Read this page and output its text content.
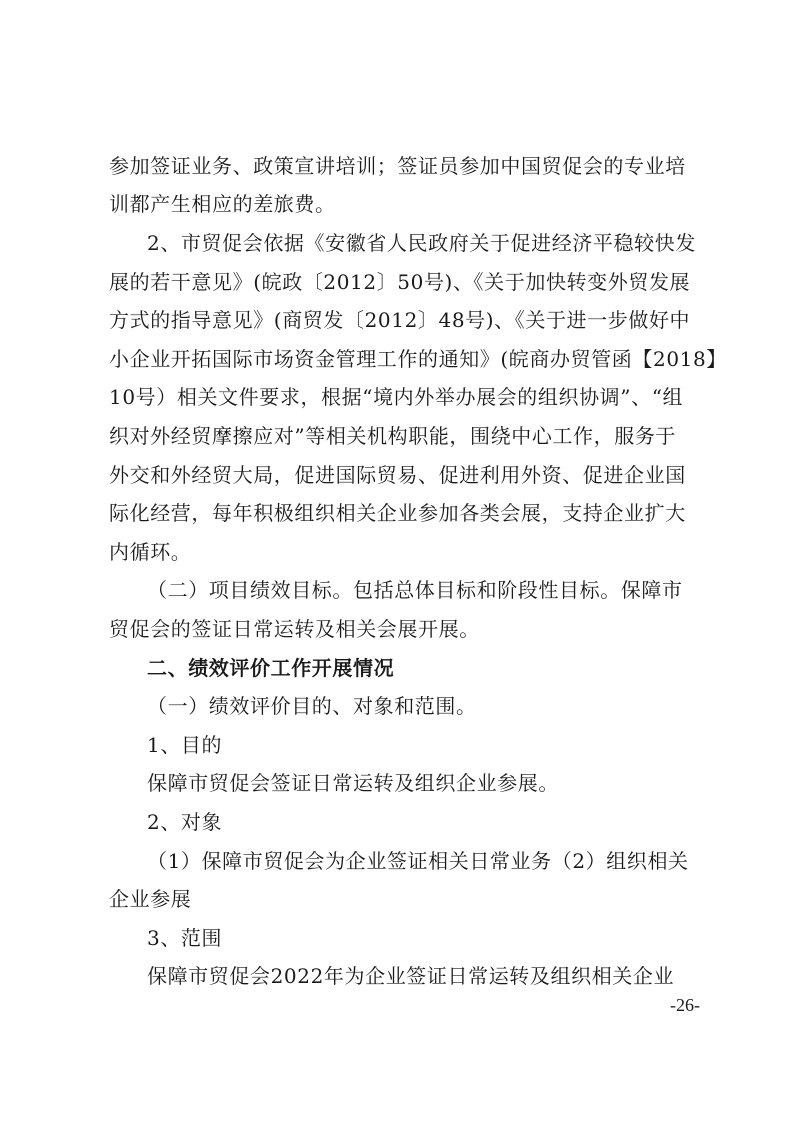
参加签证业务、政策宣讲培训；签证员参加中国贸促会的专业培
训都产生相应的差旅费。
2、市贸促会依据《安徽省人民政府关于促进经济平稳较快发
展的若干意见》(皖政〔2012〕50号)、《关于加快转变外贸发展
方式的指导意见》(商贸发〔2012〕48号)、《关于进一步做好中
小企业开拓国际市场资金管理工作的通知》(皖商办贸管函【2018】
10号）相关文件要求，根据“境内外举办展会的组织协调”、“组
织对外经贸摩擦应对”等相关机构职能，围绕中心工作，服务于
外交和外经贸大局，促进国际贸易、促进利用外资、促进企业国
际化经营，每年积极组织相关企业参加各类会展，支持企业扩大
内循环。
（二）项目绩效目标。包括总体目标和阶段性目标。保障市
贸促会的签证日常运转及相关会展开展。
二、绩效评价工作开展情况
（一）绩效评价目的、对象和范围。
1、目的
保障市贸促会签证日常运转及组织企业参展。
2、对象
（1）保障市贸促会为企业签证相关日常业务（2）组织相关
企业参展
3、范围
保障市贸促会2022年为企业签证日常运转及组织相关企业
-26-
